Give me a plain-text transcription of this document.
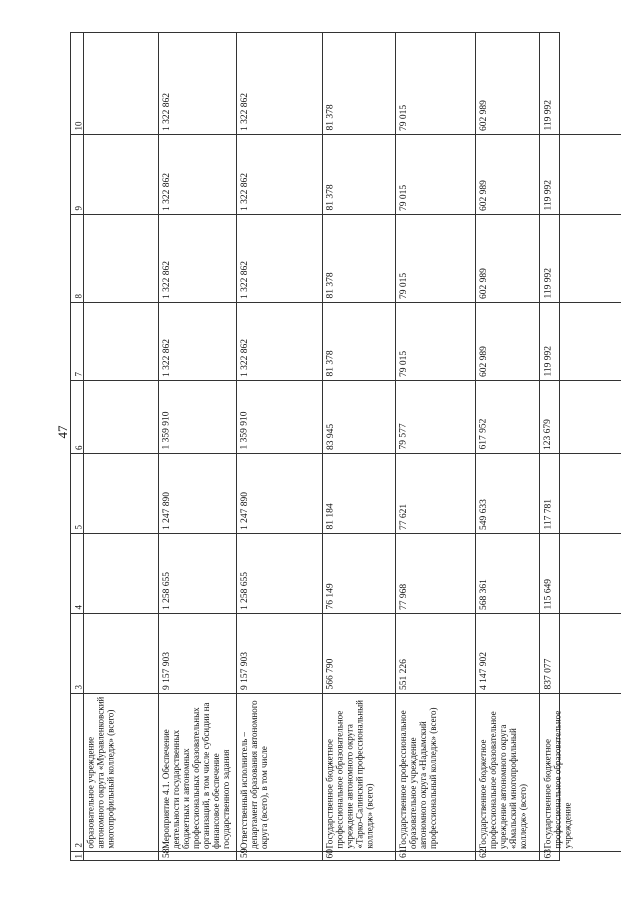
47
10
9
8
7
6
5
4
3
2
1
образовательное учреждение автономного округа «Муравленковский многопрофильный колледж» (всего)
1 322 862
1 322 862
1 322 862
1 322 862
1 359 910
1 247 890
1 258 655
9 157 903
Мероприятие 4.1. Обеспечение деятельности государственных бюджетных и автономных профессиональных образовательных организаций, в том числе субсидии на финансовое обеспечение государственного задания
58
1 322 862
1 322 862
1 322 862
1 322 862
1 359 910
1 247 890
1 258 655
9 157 903
Ответственный исполнитель – департамент образования автономного округа (всего), в том числе
59
81 378
81 378
81 378
81 378
83 945
81 184
76 149
566 790
Государственное бюджетное профессиональное образовательное учреждение автономного округа «Тарко-Салинский профессиональный колледж» (всего)
60
79 015
79 015
79 015
79 015
79 577
77 621
77 968
551 226
Государственное профессиональное образовательное учреждение автономного округа «Надымский профессиональный колледж» (всего)
61
602 989
602 989
602 989
602 989
617 952
549 633
568 361
4 147 902
Государственное бюджетное профессиональное образовательное учреждение автономного округа «Ямальский многопрофильный колледж» (всего)
62
119 992
119 992
119 992
119 992
123 679
117 781
115 649
837 077
Государственное бюджетное профессиональное образовательное учреждение
63
